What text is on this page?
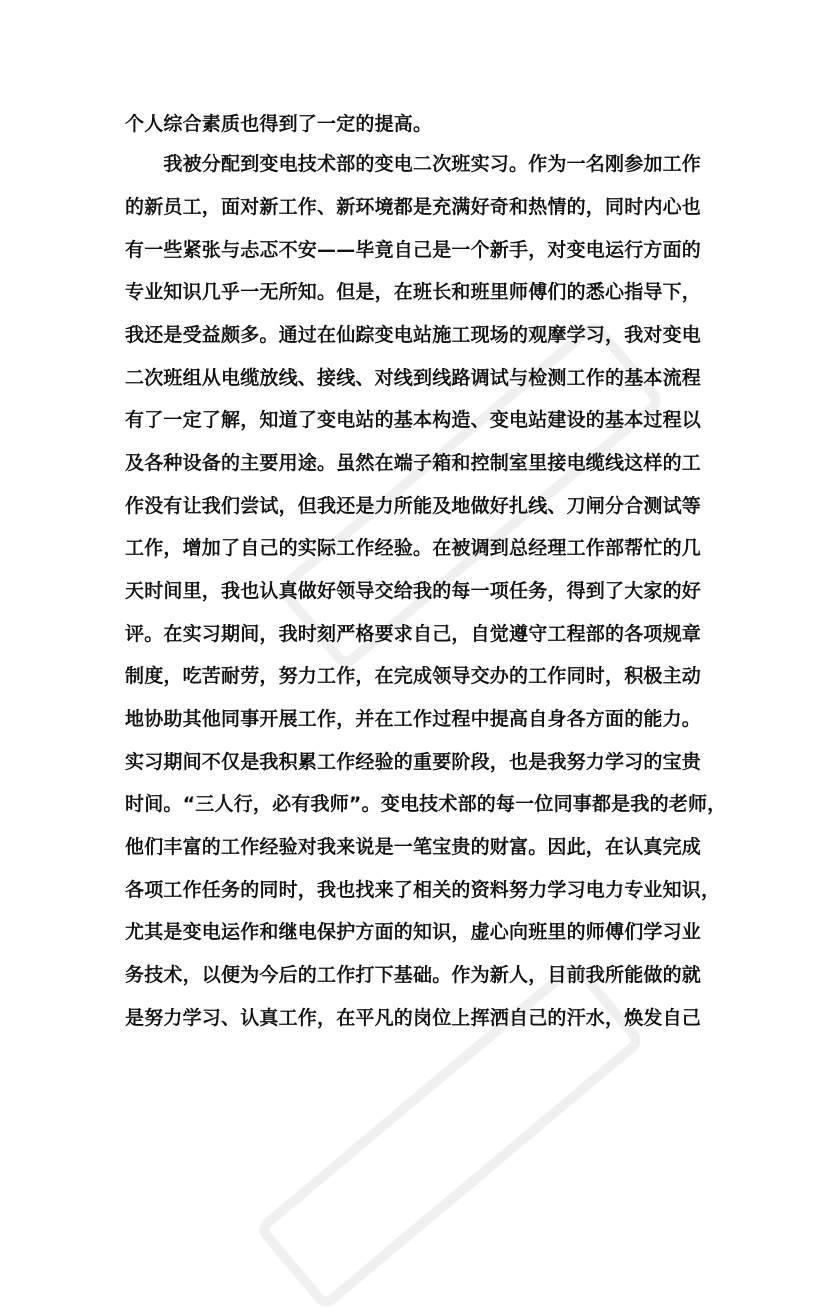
个人综合素质也得到了一定的提高。
　　我被分配到变电技术部的变电二次班实习。作为一名刚参加工作
的新员工，面对新工作、新环境都是充满好奇和热情的，同时内心也
有一些紧张与忐忑不安——毕竟自己是一个新手，对变电运行方面的
专业知识几乎一无所知。但是，在班长和班里师傅们的悉心指导下，
我还是受益颇多。通过在仙踪变电站施工现场的观摩学习，我对变电
二次班组从电缆放线、接线、对线到线路调试与检测工作的基本流程
有了一定了解，知道了变电站的基本构造、变电站建设的基本过程以
及各种设备的主要用途。虽然在端子箱和控制室里接电缆线这样的工
作没有让我们尝试，但我还是力所能及地做好扎线、刀闸分合测试等
工作，增加了自己的实际工作经验。在被调到总经理工作部帮忙的几
天时间里，我也认真做好领导交给我的每一项任务，得到了大家的好
评。在实习期间，我时刻严格要求自己，自觉遵守工程部的各项规章
制度，吃苦耐劳，努力工作，在完成领导交办的工作同时，积极主动
地协助其他同事开展工作，并在工作过程中提高自身各方面的能力。
实习期间不仅是我积累工作经验的重要阶段，也是我努力学习的宝贵
时间。“三人行，必有我师”。变电技术部的每一位同事都是我的老师，
他们丰富的工作经验对我来说是一笔宝贵的财富。因此，在认真完成
各项工作任务的同时，我也找来了相关的资料努力学习电力专业知识，
尤其是变电运作和继电保护方面的知识，虚心向班里的师傅们学习业
务技术，以便为今后的工作打下基础。作为新人，目前我所能做的就
是努力学习、认真工作，在平凡的岗位上挥洒自己的汗水，焕发自己
